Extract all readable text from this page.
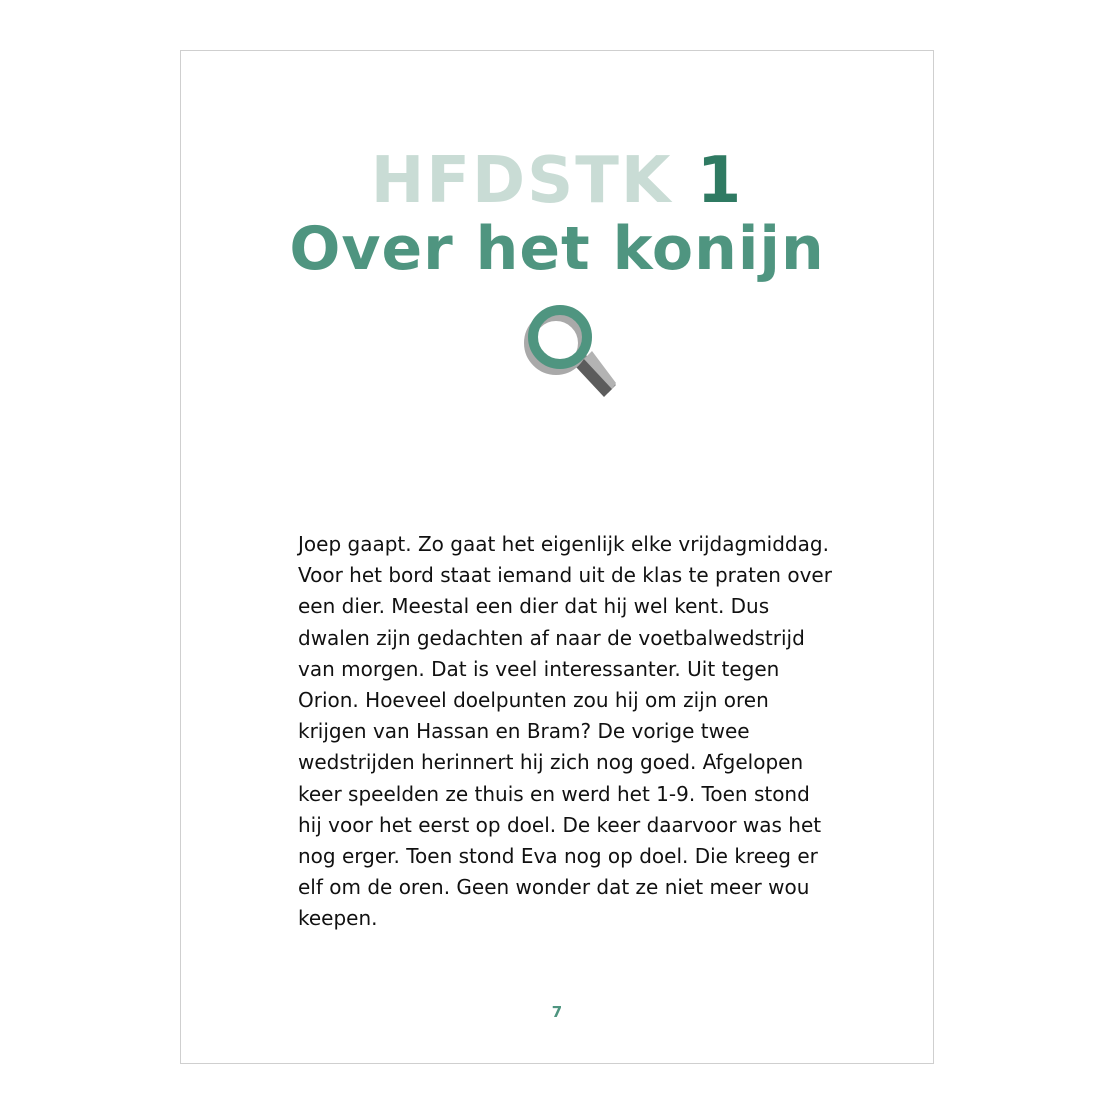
HFDSTK 1
Over het konijn
Joep gaapt. Zo gaat het eigenlijk elke vrijdagmiddag. Voor het bord staat iemand uit de klas te praten over een dier. Meestal een dier dat hij wel kent. Dus dwalen zijn gedachten af naar de voetbalwedstrijd van morgen. Dat is veel interessanter. Uit tegen Orion. Hoeveel doelpunten zou hij om zijn oren krijgen van Hassan en Bram? De vorige twee wedstrijden herinnert hij zich nog goed. Afgelopen keer speelden ze thuis en werd het 1-9. Toen stond hij voor het eerst op doel. De keer daarvoor was het nog erger. Toen stond Eva nog op doel. Die kreeg er elf om de oren. Geen wonder dat ze niet meer wou keepen.
7
